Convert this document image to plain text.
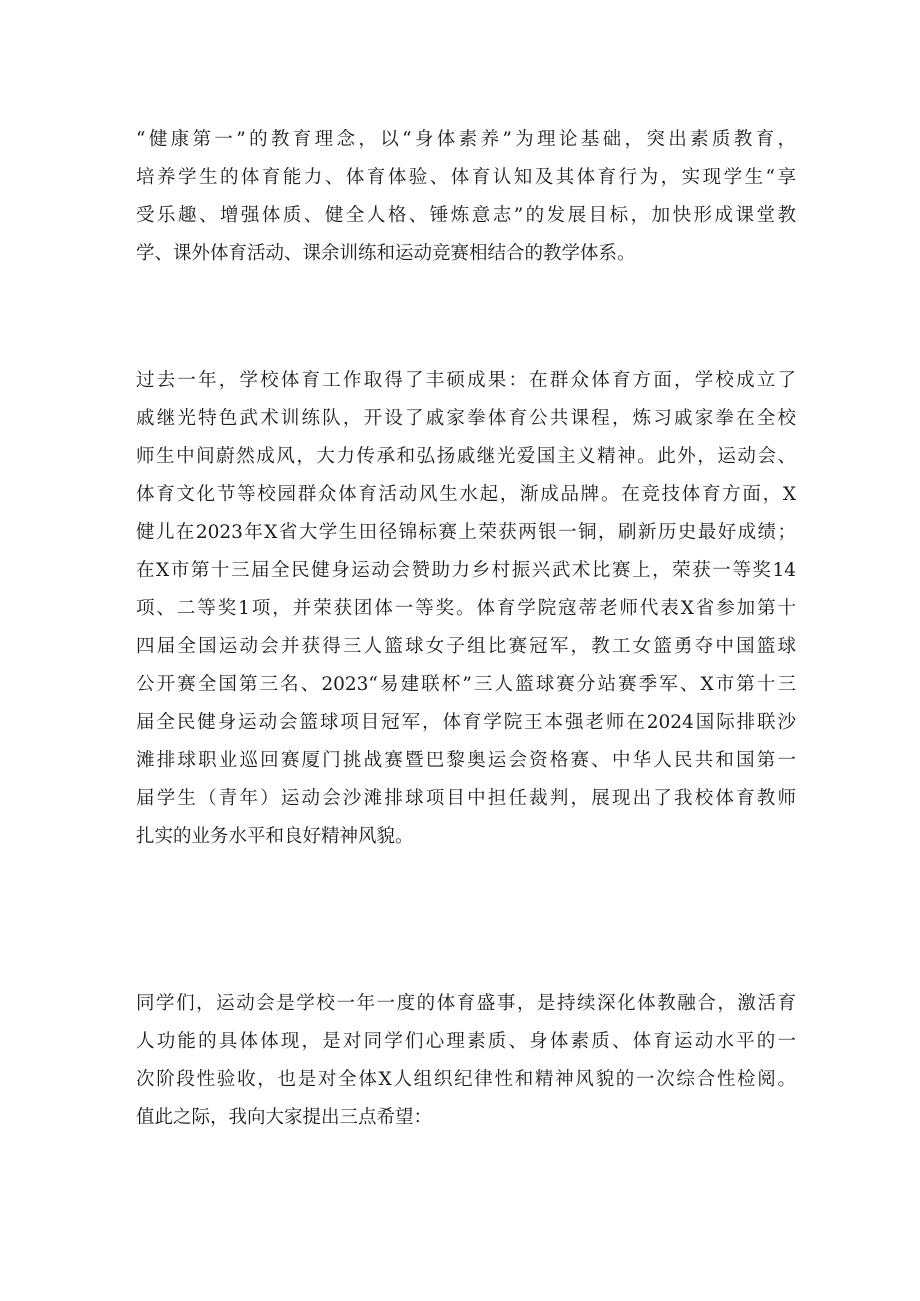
“健康第一”的教育理念，以“身体素养”为理论基础，突出素质教育，
培养学生的体育能力、体育体验、体育认知及其体育行为，实现学生“享
受乐趣、增强体质、健全人格、锤炼意志”的发展目标，加快形成课堂教
学、课外体育活动、课余训练和运动竞赛相结合的教学体系。
过去一年，学校体育工作取得了丰硕成果：在群众体育方面，学校成立了
戚继光特色武术训练队，开设了戚家拳体育公共课程，炼习戚家拳在全校
师生中间蔚然成风，大力传承和弘扬戚继光爱国主义精神。此外，运动会、
体育文化节等校园群众体育活动风生水起，渐成品牌。在竞技体育方面，X
健儿在2023年X省大学生田径锦标赛上荣获两银一铜，刷新历史最好成绩；
在X市第十三届全民健身运动会赞助力乡村振兴武术比赛上，荣获一等奖14
项、二等奖1项，并荣获团体一等奖。体育学院寇蒂老师代表X省参加第十
四届全国运动会并获得三人篮球女子组比赛冠军，教工女篮勇夺中国篮球
公开赛全国第三名、2023“易建联杯”三人篮球赛分站赛季军、X市第十三
届全民健身运动会篮球项目冠军，体育学院王本强老师在2024国际排联沙
滩排球职业巡回赛厦门挑战赛暨巴黎奥运会资格赛、中华人民共和国第一
届学生（青年）运动会沙滩排球项目中担任裁判，展现出了我校体育教师
扎实的业务水平和良好精神风貌。
同学们，运动会是学校一年一度的体育盛事，是持续深化体教融合，激活育
人功能的具体体现，是对同学们心理素质、身体素质、体育运动水平的一
次阶段性验收，也是对全体X人组织纪律性和精神风貌的一次综合性检阅。
值此之际，我向大家提出三点希望：
